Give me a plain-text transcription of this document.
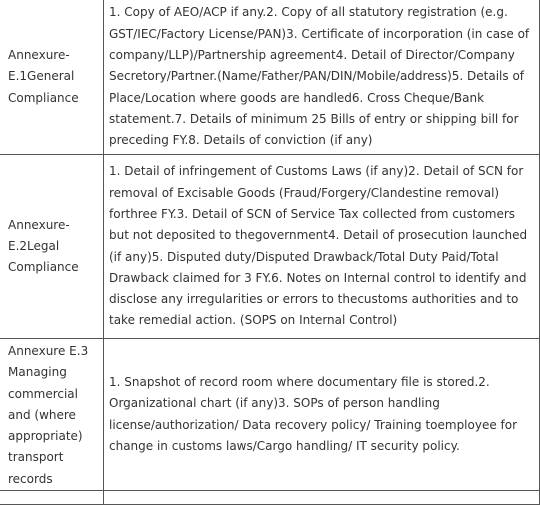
Annexure-E.1General Compliance	1. Copy of AEO/ACP if any.2. Copy of all statutory registration (e.g. GST/IEC/Factory License/PAN)3. Certificate of incorporation (in case of company/LLP)/Partnership agreement4. Detail of Director/Company Secretory/Partner.(Name/Father/PAN/DIN/Mobile/address)5. Details of Place/Location where goods are handled6. Cross Cheque/Bank statement.7. Details of minimum 25 Bills of entry or shipping bill for preceding FY.8. Details of conviction (if any)
Annexure-E.2Legal Compliance	1. Detail of infringement of Customs Laws (if any)2. Detail of SCN for removal of Excisable Goods (Fraud/Forgery/Clandestine removal) forthree FY.3. Detail of SCN of Service Tax collected from customers but not deposited to thegovernment4. Detail of prosecution launched (if any)5. Disputed duty/Disputed Drawback/Total Duty Paid/Total Drawback claimed for 3 FY.6. Notes on Internal control to identify and disclose any irregularities or errors to thecustoms authorities and to take remedial action. (SOPS on Internal Control)
Annexure E.3 Managing commercial and (where appropriate) transport records	1. Snapshot of record room where documentary file is stored.2. Organizational chart (if any)3. SOPs of person handling license/authorization/ Data recovery policy/ Training toemployee for change in customs laws/Cargo handling/ IT security policy.
